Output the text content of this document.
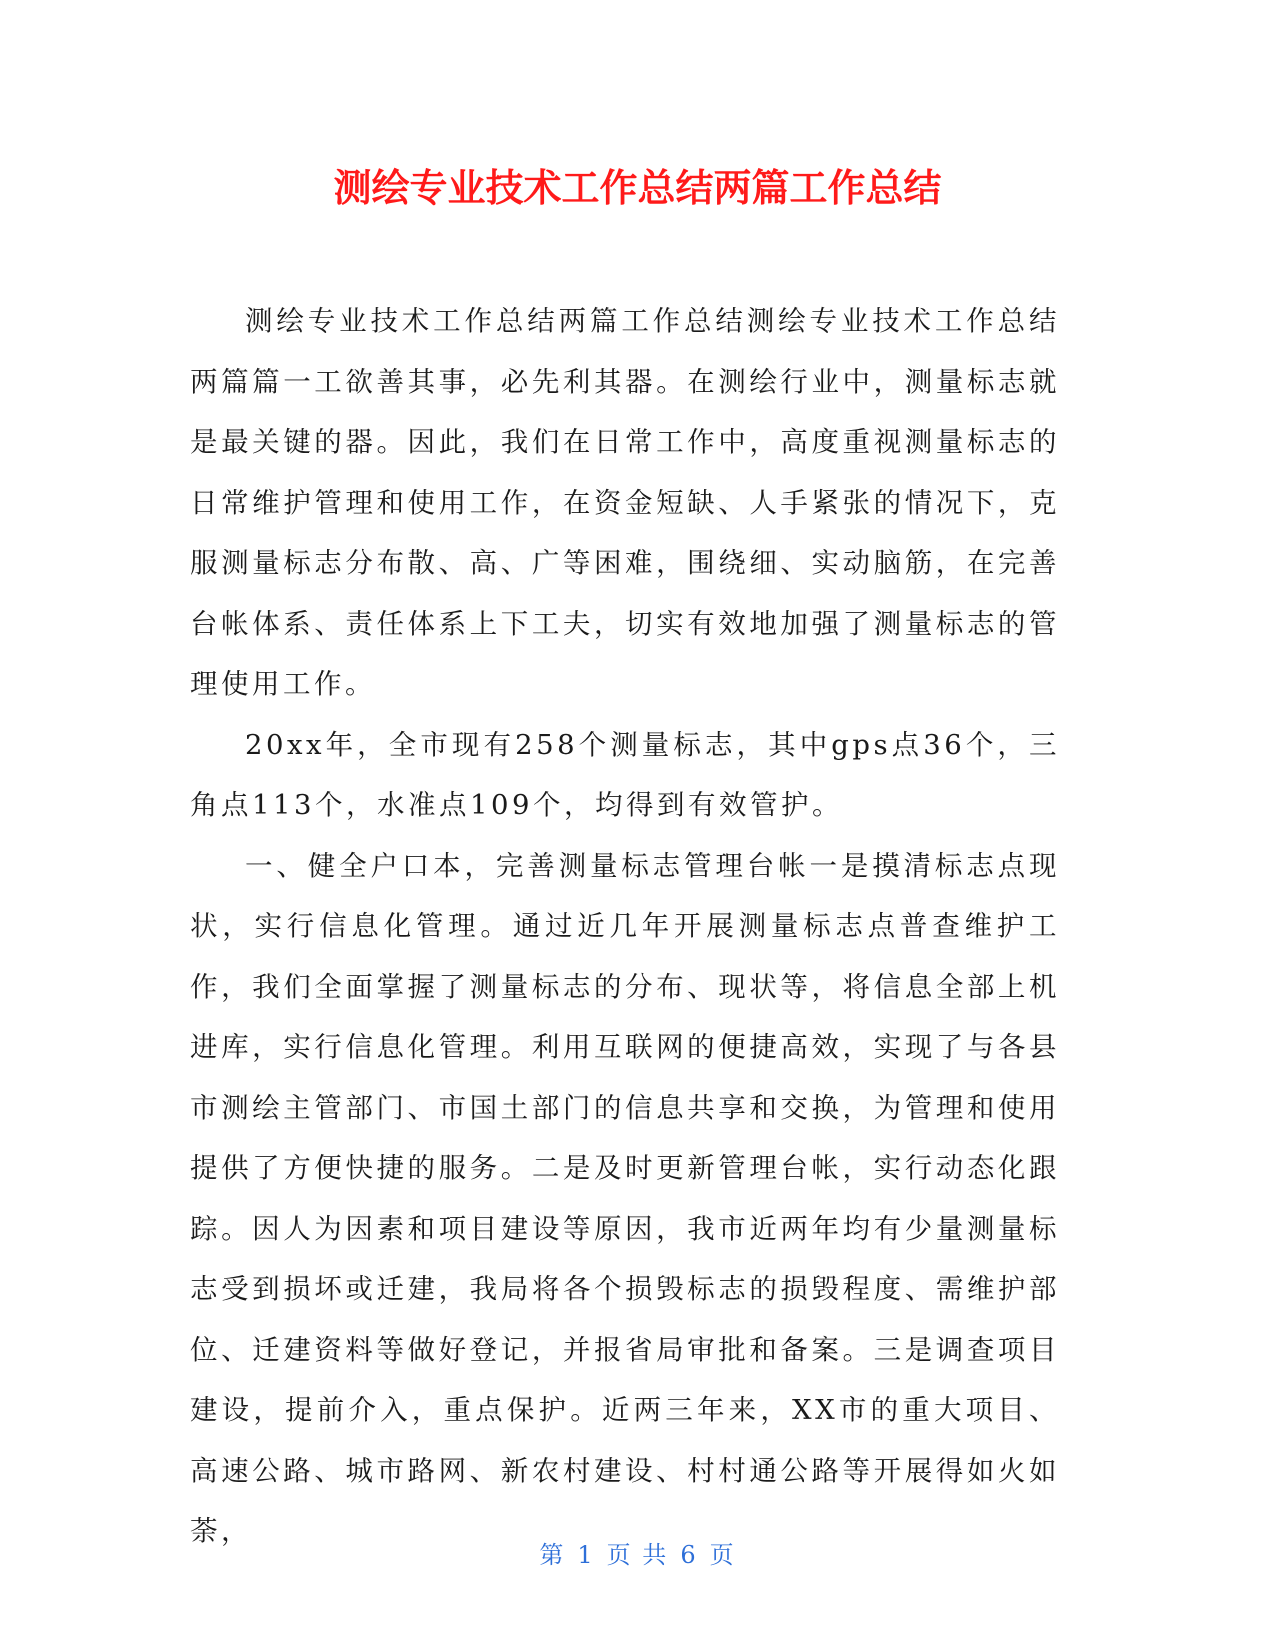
测绘专业技术工作总结两篇工作总结

测绘专业技术工作总结两篇工作总结测绘专业技术工作总结两篇篇一工欲善其事，必先利其器。在测绘行业中，测量标志就是最关键的器。因此，我们在日常工作中，高度重视测量标志的日常维护管理和使用工作，在资金短缺、人手紧张的情况下，克服测量标志分布散、高、广等困难，围绕细、实动脑筋，在完善台帐体系、责任体系上下工夫，切实有效地加强了测量标志的管理使用工作。

20xx年，全市现有258个测量标志，其中gps点36个，三角点113个，水准点109个，均得到有效管护。

一、健全户口本，完善测量标志管理台帐一是摸清标志点现状，实行信息化管理。通过近几年开展测量标志点普查维护工作，我们全面掌握了测量标志的分布、现状等，将信息全部上机进库，实行信息化管理。利用互联网的便捷高效，实现了与各县市测绘主管部门、市国土部门的信息共享和交换，为管理和使用提供了方便快捷的服务。二是及时更新管理台帐，实行动态化跟踪。因人为因素和项目建设等原因，我市近两年均有少量测量标志受到损坏或迁建，我局将各个损毁标志的损毁程度、需维护部位、迁建资料等做好登记，并报省局审批和备案。三是调查项目建设，提前介入，重点保护。近两三年来，XX市的重大项目、高速公路、城市路网、新农村建设、村村通公路等开展得如火如荼，

第 1 页 共 6 页
